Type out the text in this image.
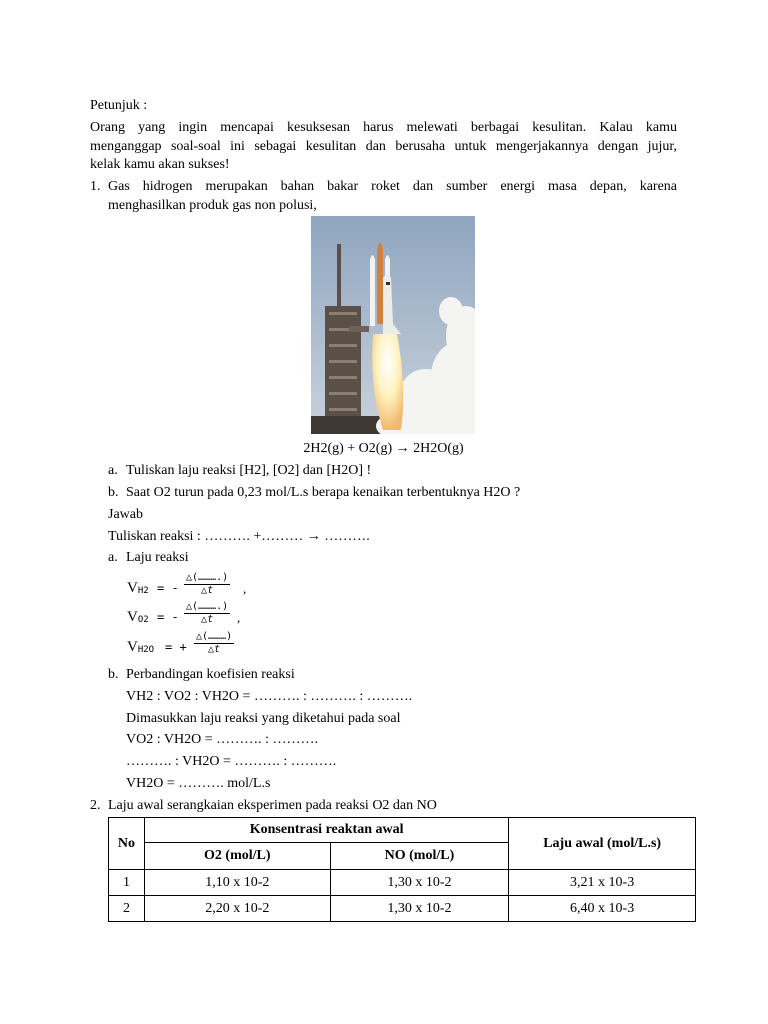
Petunjuk :
Orang yang ingin mencapai kesuksesan harus melewati berbagai kesulitan. Kalau kamu
menganggap soal-soal ini sebagai kesulitan dan berusaha untuk mengerjakannya dengan jujur,
kelak kamu akan sukses!
1. Gas hidrogen merupakan bahan bakar roket dan sumber energi masa depan, karena
menghasilkan produk gas non polusi,
2H2(g) + O2(g) → 2H2O(g)
a. Tuliskan laju reaksi [H2], [O2] dan [H2O] !
b. Saat O2 turun pada 0,23 mol/L.s berapa kenaikan terbentuknya H2O ?
Jawab
Tuliskan reaksi : ………. +……… → ……….
a. Laju reaksi
$V_{H2}$ = -
△(……….)
△t	,
$V_{O2}$ = -
△(……….)
△t	,
$V_{H2O}$ = +
△(………)
△t
b. Perbandingan koefisien reaksi
VH2 : VO2 : VH2O = ………. : ………. : ……….
Dimasukkan laju reaksi yang diketahui pada soal
VO2 : VH2O = ………. : ……….
………. : VH2O = ………. : ……….
VH2O = ………. mol/L.s
2. Laju awal serangkaian eksperimen pada reaksi O2 dan NO
No	Konsentrasi reaktan awal		Laju awal (mol/L.s)
	O2 (mol/L)	NO (mol/L)	
1	1,10 x 10-2	1,30 x 10-2	3,21 x 10-3
2	2,20 x 10-2	1,30 x 10-2	6,40 x 10-3
